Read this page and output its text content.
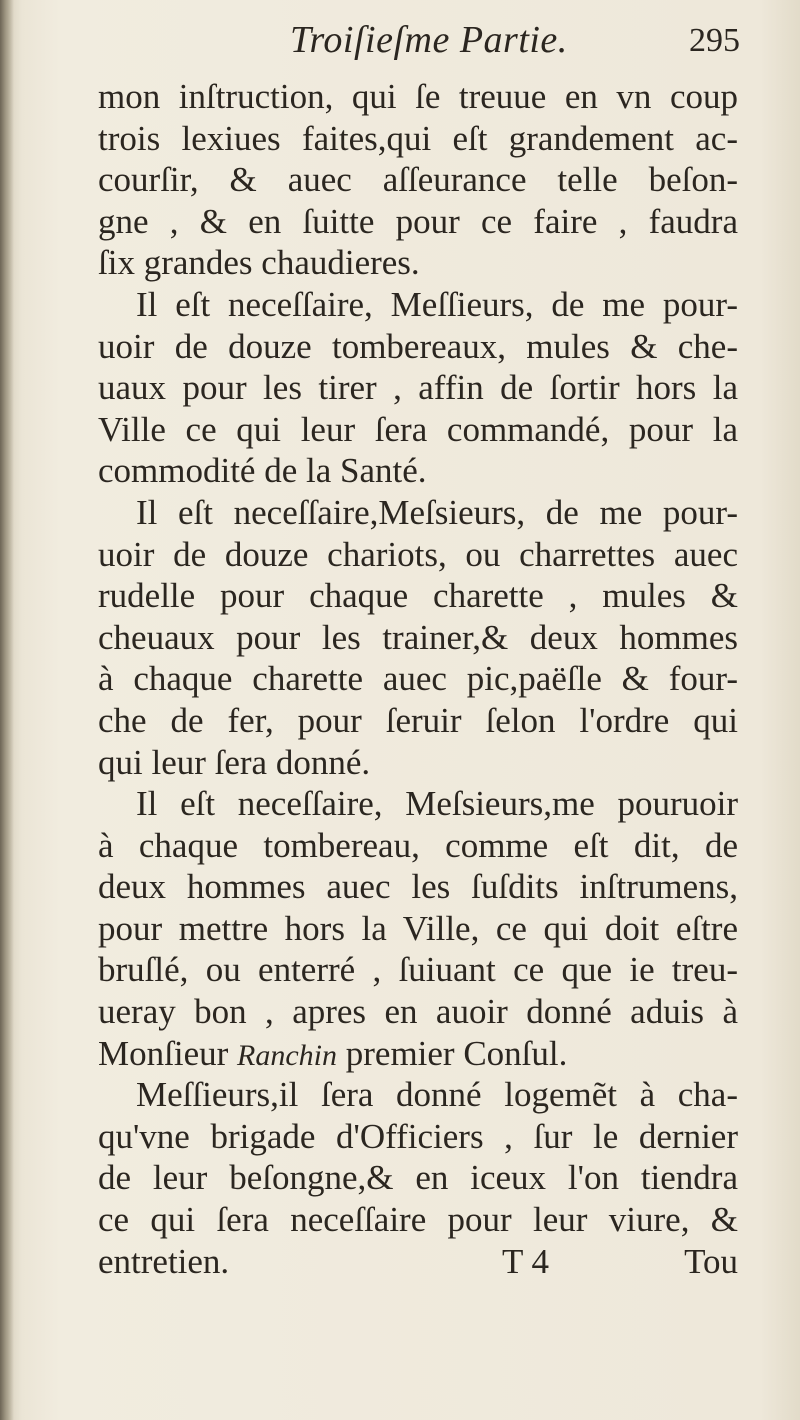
Troiſieſme Partie.	295
mon inſtruction, qui ſe treuue en vn coup
trois lexiues faites,qui eſt grandement ac-
courſir, & auec aſſeurance telle beſon-
gne , & en ſuitte pour ce faire , faudra
ſix grandes chaudieres.
Il eſt neceſſaire, Meſſieurs, de me pour-
uoir de douze tombereaux, mules & che-
uaux pour les tirer , affin de ſortir hors la
Ville ce qui leur ſera commandé, pour la
commodité de la Santé.
Il eſt neceſſaire,Meſsieurs, de me pour-
uoir de douze chariots, ou charrettes auec
rudelle pour chaque charette , mules &
cheuaux pour les trainer,& deux hommes
à chaque charette auec pic,paëſle & four-
che de fer, pour ſeruir ſelon l'ordre qui
qui leur ſera donné.
Il eſt neceſſaire, Meſsieurs,me pouruoir
à chaque tombereau, comme eſt dit, de
deux hommes auec les ſuſdits inſtrumens,
pour mettre hors la Ville, ce qui doit eſtre
bruſlé, ou enterré , ſuiuant ce que ie treu-
ueray bon , apres en auoir donné aduis à
Monſieur Ranchin premier Conſul.
Meſſieurs,il ſera donné logemẽt à cha-
qu'vne brigade d'Officiers , ſur le dernier
de leur beſongne,& en iceux l'on tiendra
ce qui ſera neceſſaire pour leur viure, &
entretien.	T 4	Tou
